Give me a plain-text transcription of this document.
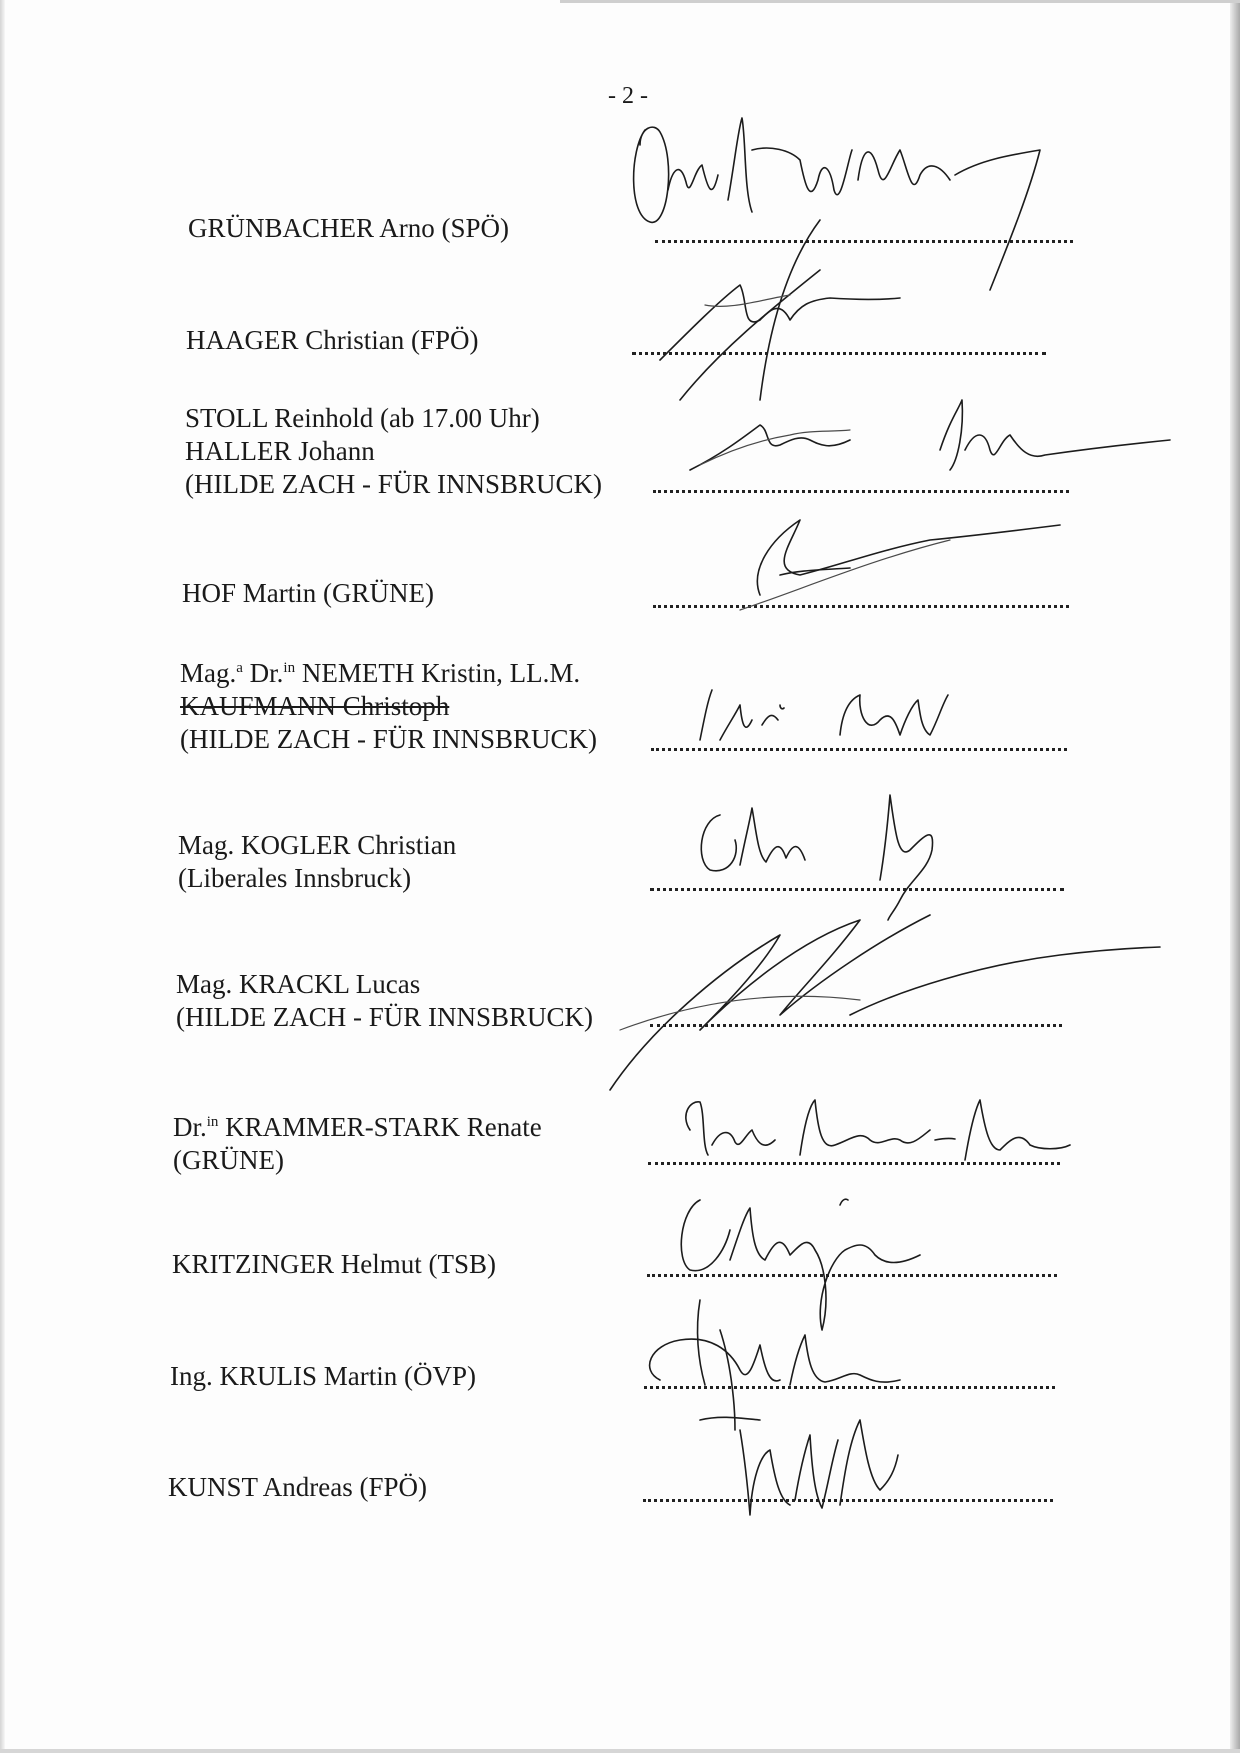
- 2 -
GRÜNBACHER Arno (SPÖ)
HAAGER Christian (FPÖ)
STOLL Reinhold (ab 17.00 Uhr)
HALLER Johann
(HILDE ZACH - FÜR INNSBRUCK)
HOF Martin (GRÜNE)
Mag.$^a$ Dr.$^{in}$ NEMETH Kristin, LL.M.
KAUFMANN Christoph
(HILDE ZACH - FÜR INNSBRUCK)
Mag. KOGLER Christian
(Liberales Innsbruck)
Mag. KRACKL Lucas
(HILDE ZACH - FÜR INNSBRUCK)
Dr.$^{in}$ KRAMMER-STARK Renate
(GRÜNE)
KRITZINGER Helmut (TSB)
Ing. KRULIS Martin (ÖVP)
KUNST Andreas (FPÖ)
